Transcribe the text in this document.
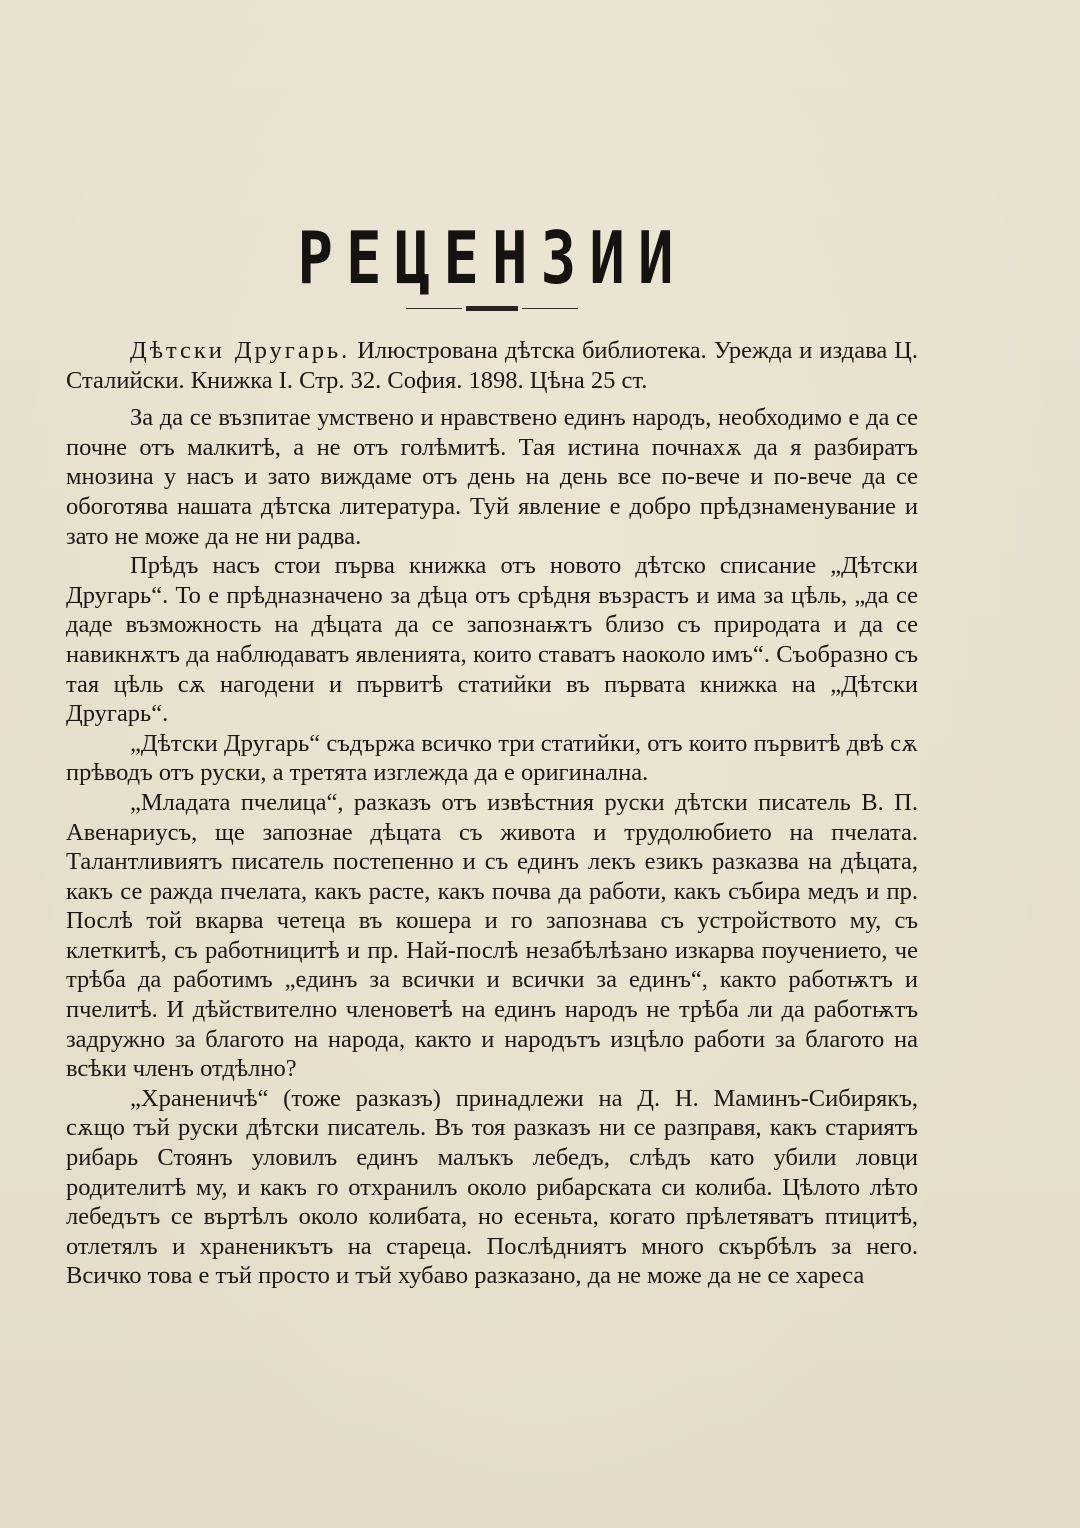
РЕЦЕНЗИИ

Дѣтски Другарь. Илюстрована дѣтска библиотека. Урежда и издава Ц. Сталийски. Книжка I. Стр. 32. София. 1898. Цѣна 25 ст.

За да се възпитае умствено и нравствено единъ народъ, необходимо е да се почне отъ малкитѣ, а не отъ голѣмитѣ. Тая истина почнахѫ да я разбиратъ мнозина у насъ и зато виждаме отъ день на день все по-вече и по-вече да се обоготява нашата дѣтска литература. Туй явление е добро прѣдзнаменувание и зато не може да не ни радва.

Прѣдъ насъ стои първа книжка отъ новото дѣтско списание „Дѣтски Другарь“. То е прѣдназначено за дѣца отъ срѣдня възрастъ и има за цѣль, „да се даде възможность на дѣцата да се запознаѭтъ близо съ природата и да се навикнѫтъ да наблюдаватъ явленията, които ставатъ наоколо имъ“. Съобразно съ тая цѣль сѫ нагодени и първитѣ статийки въ първата книжка на „Дѣтски Другарь“.

„Дѣтски Другарь“ съдържа всичко три статийки, отъ които първитѣ двѣ сѫ прѣводъ отъ руски, а третята изглежда да е оригинална.

„Младата пчелица“, разказъ отъ извѣстния руски дѣтски писатель В. П. Авенариусъ, ще запознае дѣцата съ живота и трудолюбието на пчелата. Талантливиятъ писатель постепенно и съ единъ лекъ езикъ разказва на дѣцата, какъ се ражда пчелата, какъ расте, какъ почва да работи, какъ събира медъ и пр. Послѣ той вкарва четеца въ кошера и го запознава съ устройството му, съ клеткитѣ, съ работницитѣ и пр. Най-послѣ незабѣлѣзано изкарва поучението, че трѣба да работимъ „единъ за всички и всички за единъ“, както работѭтъ и пчелитѣ. И дѣйствително членоветѣ на единъ народъ не трѣба ли да работѭтъ задружно за благото на народа, както и народътъ изцѣло работи за благото на всѣки членъ отдѣлно?

„Храненичѣ“ (тоже разказъ) принадлежи на Д. Н. Маминъ-Сибирякъ, сѫщо тъй руски дѣтски писатель. Въ тоя разказъ ни се разправя, какъ стариятъ рибарь Стоянъ уловилъ единъ малъкъ лебедъ, слѣдъ като убили ловци родителитѣ му, и какъ го отхранилъ около рибарската си колиба. Цѣлото лѣто лебедътъ се въртѣлъ около колибата, но есеньта, когато прѣлетяватъ птицитѣ, отлетялъ и храненикътъ на стареца. Послѣдниятъ много скърбѣлъ за него. Всичко това е тъй просто и тъй хубаво разказано, да не може да не се хареса
